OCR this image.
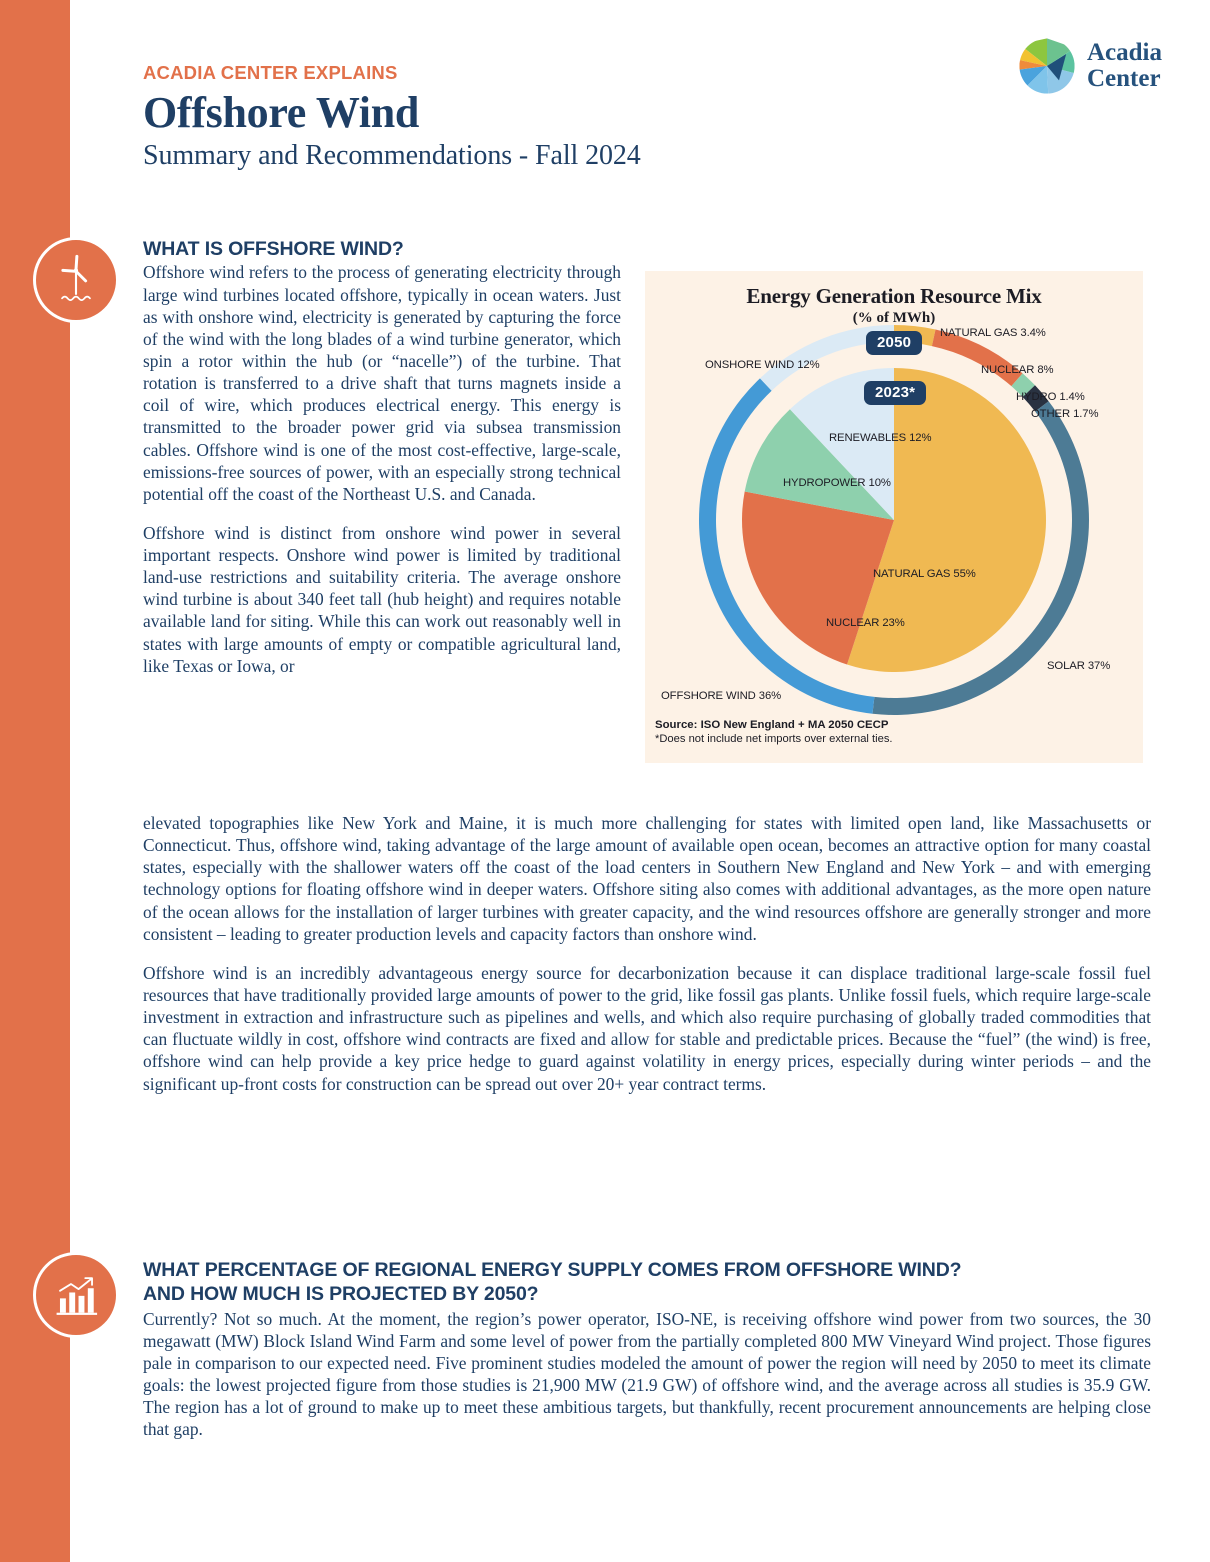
ACADIA CENTER EXPLAINS
Offshore Wind
Summary and Recommendations - Fall 2024
Acadia
Center
WHAT IS OFFSHORE WIND?
Offshore wind refers to the process of generating electricity through large wind turbines located offshore, typically in ocean waters. Just as with onshore wind, electricity is generated by capturing the force of the wind with the long blades of a wind turbine generator, which spin a rotor within the hub (or “nacelle”) of the turbine. That rotation is transferred to a drive shaft that turns magnets inside a coil of wire, which produces electrical energy. This energy is transmitted to the broader power grid via subsea transmission cables. Offshore wind is one of the most cost-effective, large-scale, emissions-free sources of power, with an especially strong technical potential off the coast of the Northeast U.S. and Canada.
Offshore wind is distinct from onshore wind power in several important respects. Onshore wind power is limited by traditional land-use restrictions and suitability criteria. The average onshore wind turbine is about 340 feet tall (hub height) and requires notable available land for siting. While this can work out reasonably well in states with large amounts of empty or compatible agricultural land, like Texas or Iowa, or
elevated topographies like New York and Maine, it is much more challenging for states with limited open land, like Massachusetts or Connecticut. Thus, offshore wind, taking advantage of the large amount of available open ocean, becomes an attractive option for many coastal states, especially with the shallower waters off the coast of the load centers in Southern New England and New York – and with emerging technology options for floating offshore wind in deeper waters. Offshore siting also comes with additional advantages, as the more open nature of the ocean allows for the installation of larger turbines with greater capacity, and the wind resources offshore are generally stronger and more consistent – leading to greater production levels and capacity factors than onshore wind.
Offshore wind is an incredibly advantageous energy source for decarbonization because it can displace traditional large-scale fossil fuel resources that have traditionally provided large amounts of power to the grid, like fossil gas plants. Unlike fossil fuels, which require large-scale investment in extraction and infrastructure such as pipelines and wells, and which also require purchasing of globally traded commodities that can fluctuate wildly in cost, offshore wind contracts are fixed and allow for stable and predictable prices. Because the “fuel” (the wind) is free, offshore wind can help provide a key price hedge to guard against volatility in energy prices, especially during winter periods – and the significant up-front costs for construction can be spread out over 20+ year contract terms.
WHAT PERCENTAGE OF REGIONAL ENERGY SUPPLY COMES FROM OFFSHORE WIND?
AND HOW MUCH IS PROJECTED BY 2050?
Currently? Not so much. At the moment, the region’s power operator, ISO-NE, is receiving offshore wind power from two sources, the 30 megawatt (MW) Block Island Wind Farm and some level of power from the partially completed 800 MW Vineyard Wind project. Those figures pale in comparison to our expected need. Five prominent studies modeled the amount of power the region will need by 2050 to meet its climate goals: the lowest projected figure from those studies is 21,900 MW (21.9 GW) of offshore wind, and the average across all studies is 35.9 GW. The region has a lot of ground to make up to meet these ambitious targets, but thankfully, recent procurement announcements are helping close that gap.
Energy Generation Resource Mix
(% of MWh)
NATURAL GAS 3.4%
NUCLEAR 8%
HYDRO 1.4%
OTHER 1.7%
SOLAR 37%
OFFSHORE WIND 36%
ONSHORE WIND 12%
NATURAL GAS 55%
NUCLEAR 23%
HYDROPOWER 10%
RENEWABLES 12%
2050
2023*
Source: ISO New England + MA 2050 CECP
*Does not include net imports over external ties.
